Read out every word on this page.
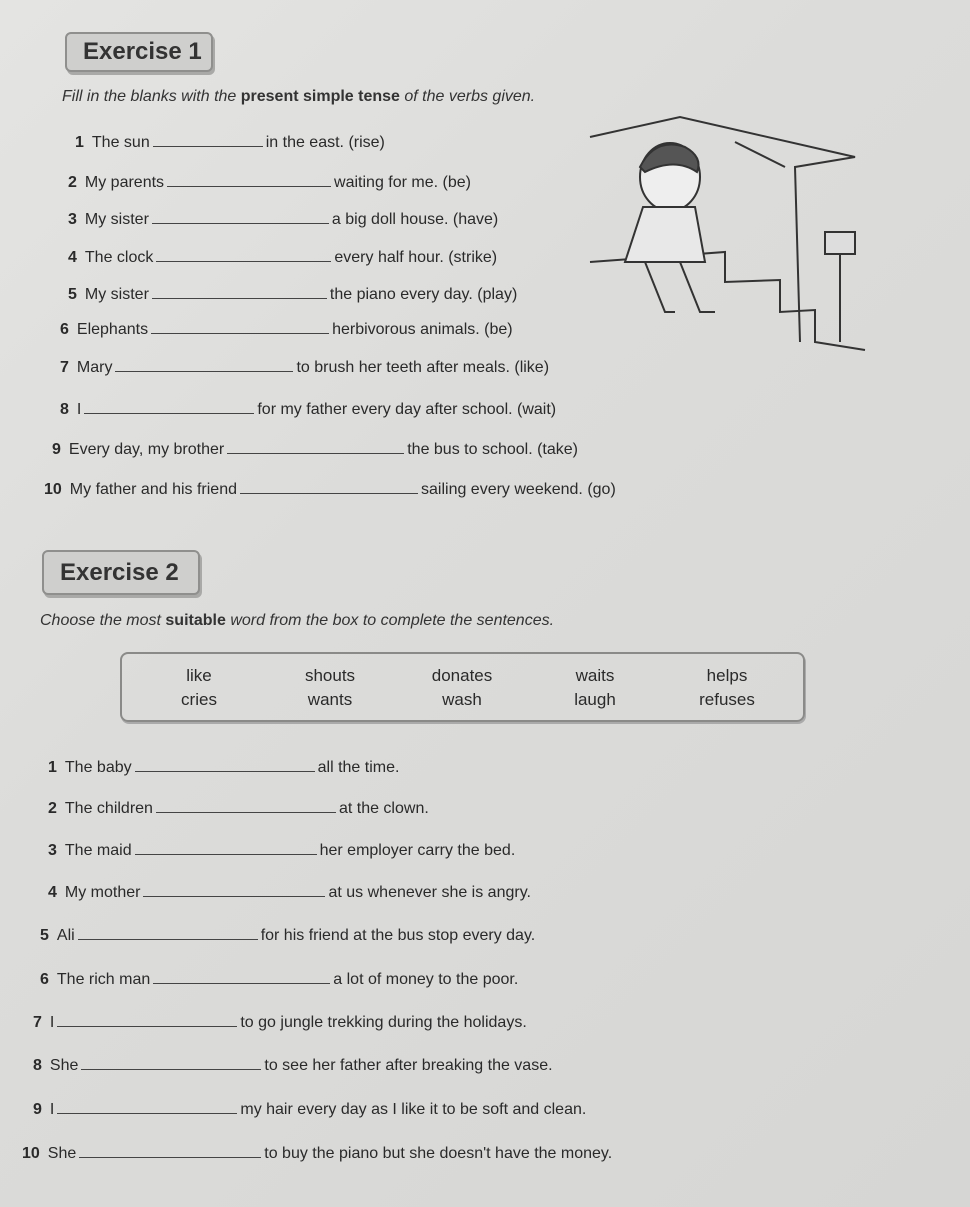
Exercise 1
Fill in the blanks with the present simple tense of the verbs given.
1 The sun	in the east. (rise)
2 My parents	waiting for me. (be)
3 My sister	a big doll house. (have)
4 The clock	every half hour. (strike)
5 My sister	the piano every day. (play)
6 Elephants	herbivorous animals. (be)
7 Mary	to brush her teeth after meals. (like)
8 I	for my father every day after school. (wait)
9 Every day, my brother	the bus to school. (take)
10 My father and his friend	sailing every weekend. (go)
Exercise 2
Choose the most suitable word from the box to complete the sentences.
like	shouts	donates	waits	helps
cries	wants	wash	laugh	refuses
1 The baby	all the time.
2 The children	at the clown.
3 The maid	her employer carry the bed.
4 My mother	at us whenever she is angry.
5 Ali	for his friend at the bus stop every day.
6 The rich man	a lot of money to the poor.
7 I	to go jungle trekking during the holidays.
8 She	to see her father after breaking the vase.
9 I	my hair every day as I like it to be soft and clean.
10 She	to buy the piano but she doesn't have the money.
